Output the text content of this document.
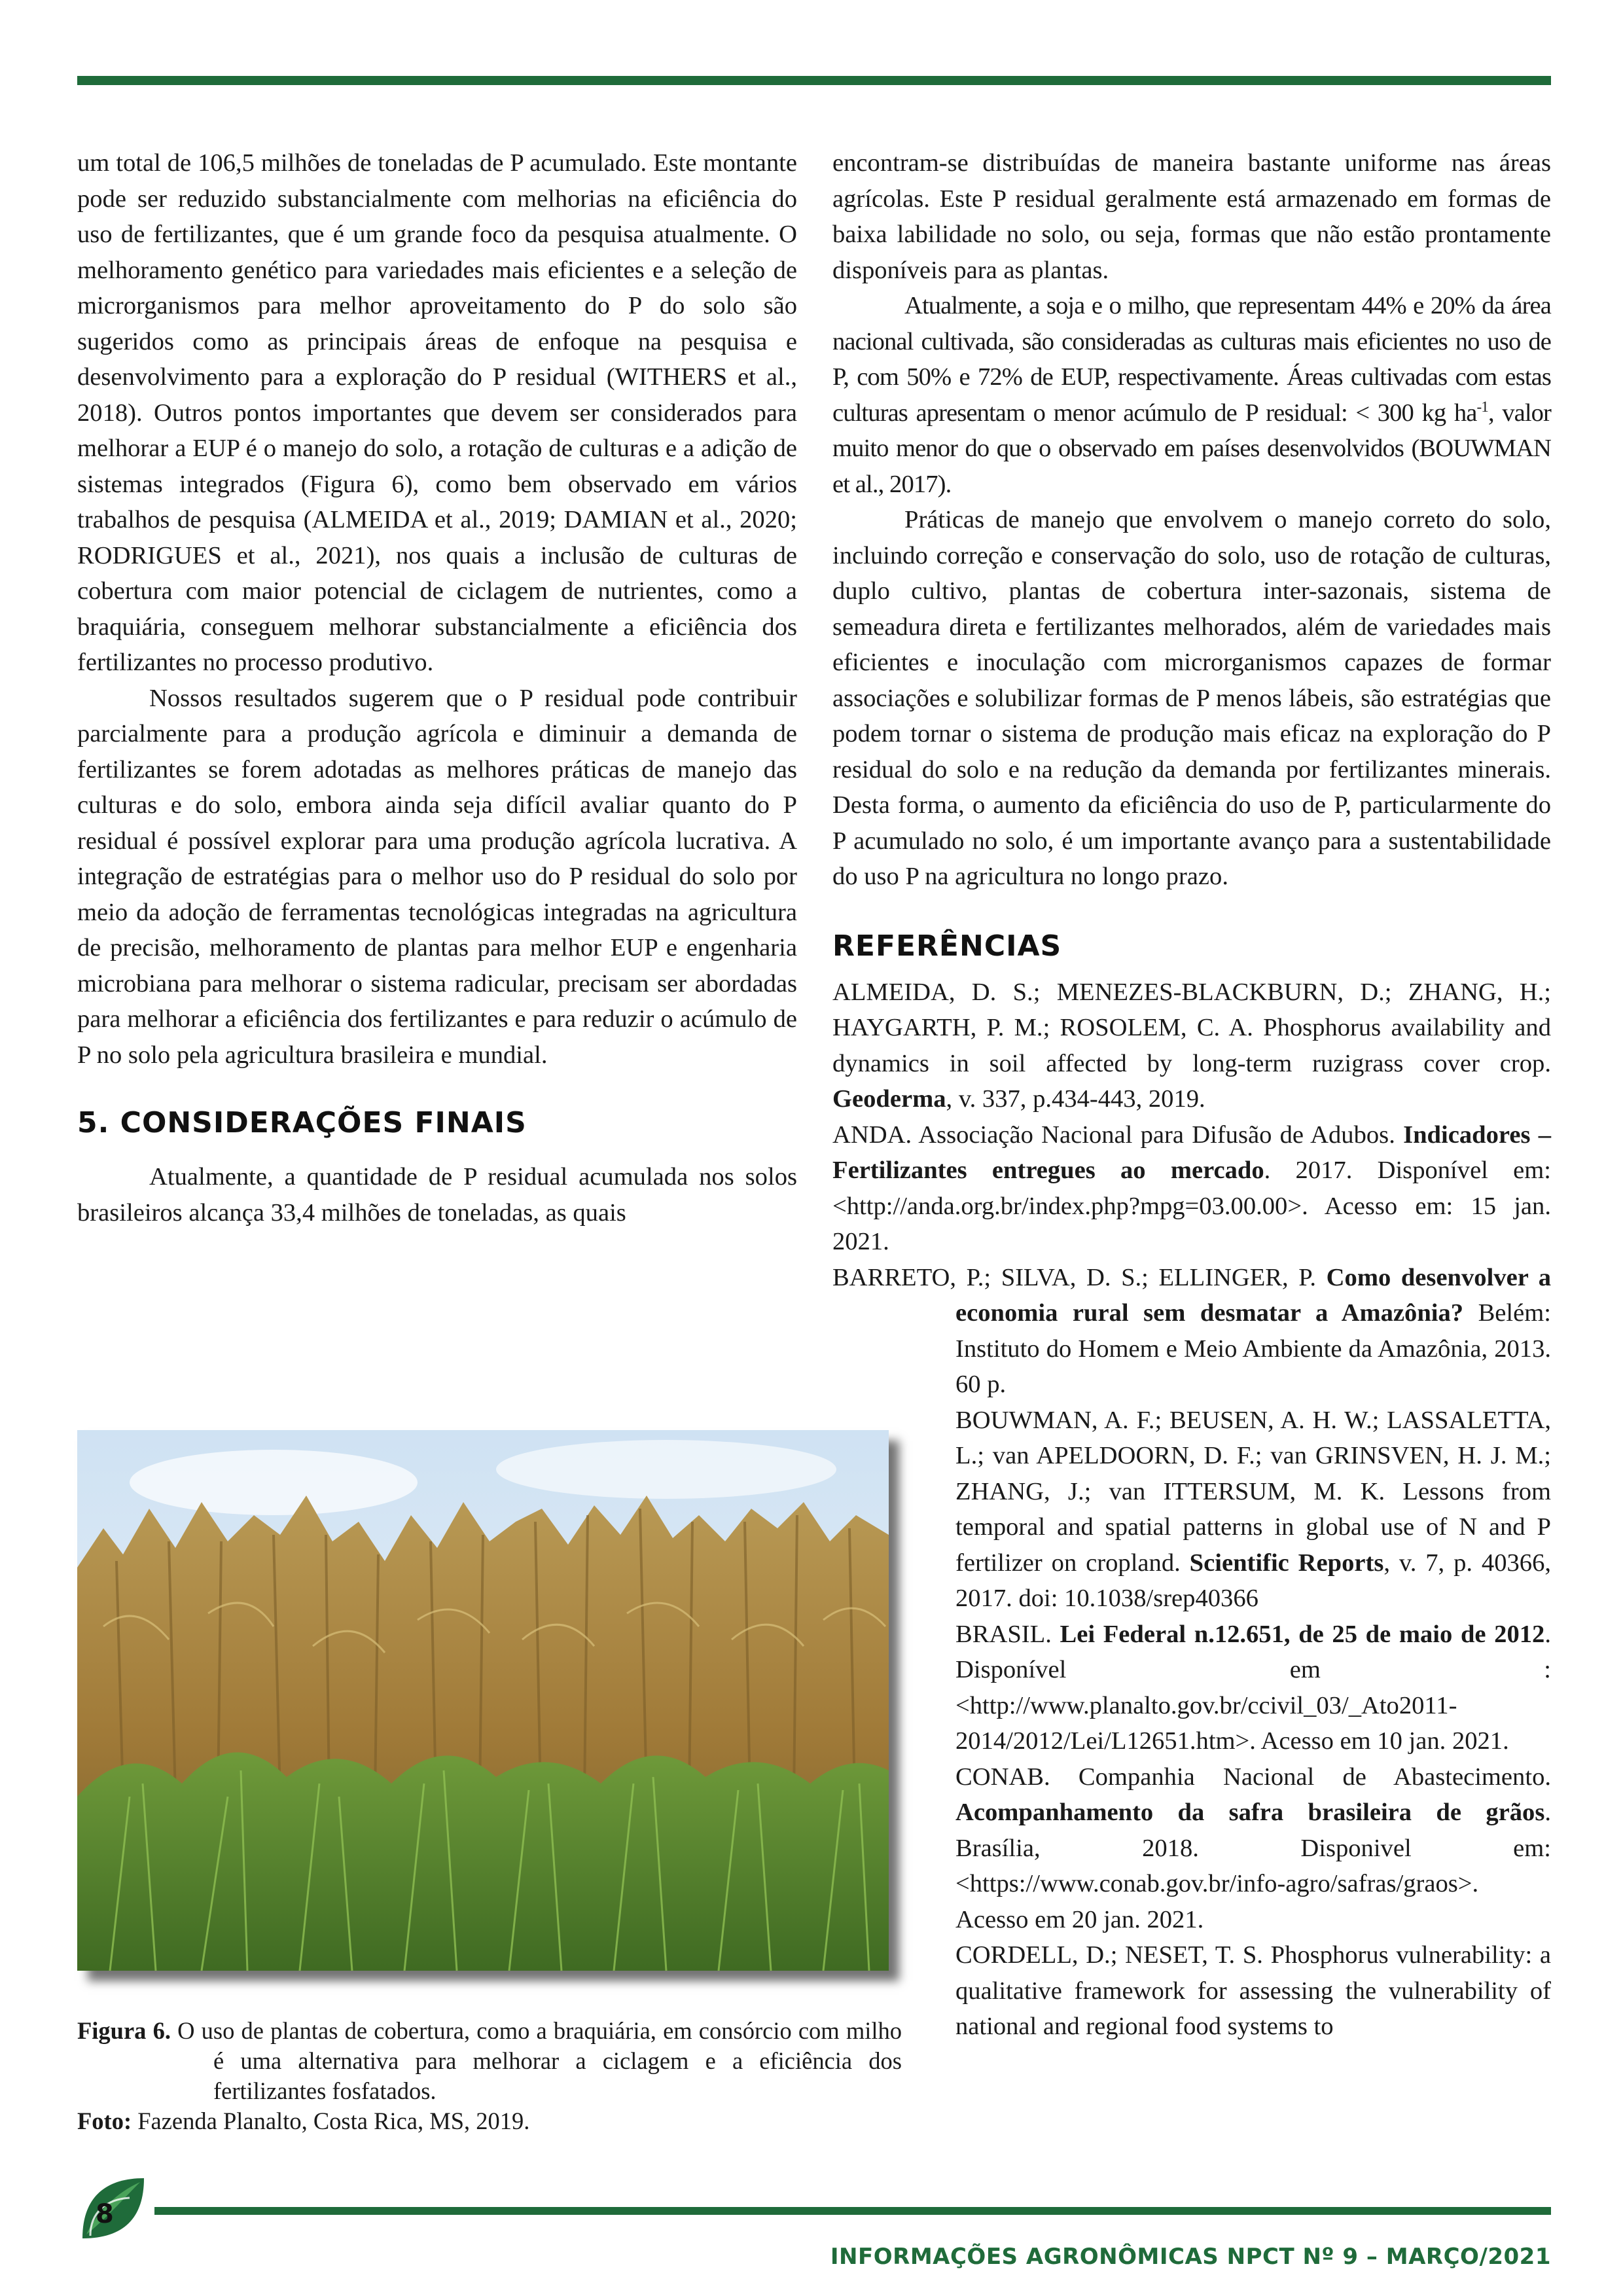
um total de 106,5 milhões de toneladas de P acumulado. Este montante pode ser reduzido substancialmente com melhorias na eficiência do uso de fertilizantes, que é um grande foco da pesquisa atualmente. O melhoramento genético para variedades mais eficientes e a seleção de microrganismos para melhor aproveitamento do P do solo são sugeridos como as principais áreas de enfoque na pesquisa e desenvolvimento para a exploração do P residual (WITHERS et al., 2018). Outros pontos importantes que devem ser considerados para melhorar a EUP é o manejo do solo, a rotação de culturas e a adição de sistemas integrados (Figura 6), como bem observado em vários trabalhos de pesquisa (ALMEIDA et al., 2019; DAMIAN et al., 2020; RODRIGUES et al., 2021), nos quais a inclusão de culturas de cobertura com maior potencial de ciclagem de nutrientes, como a braquiária, conseguem melhorar substancialmente a eficiência dos fertilizantes no processo produtivo.

Nossos resultados sugerem que o P residual pode contribuir parcialmente para a produção agrícola e diminuir a demanda de fertilizantes se forem adotadas as melhores práticas de manejo das culturas e do solo, embora ainda seja difícil avaliar quanto do P residual é possível explorar para uma produção agrícola lucrativa. A integração de estratégias para o melhor uso do P residual do solo por meio da adoção de ferramentas tecnológicas integradas na agricultura de precisão, melhoramento de plantas para melhor EUP e engenharia microbiana para melhorar o sistema radicular, precisam ser abordadas para melhorar a eficiência dos fertilizantes e para reduzir o acúmulo de P no solo pela agricultura brasileira e mundial.

5. CONSIDERAÇÕES FINAIS

Atualmente, a quantidade de P residual acumulada nos solos brasileiros alcança 33,4 milhões de toneladas, as quais

Figura 6. O uso de plantas de cobertura, como a braquiária, em consórcio com milho é uma alternativa para melhorar a ciclagem e a eficiência dos fertilizantes fosfatados.
Foto: Fazenda Planalto, Costa Rica, MS, 2019.

encontram-se distribuídas de maneira bastante uniforme nas áreas agrícolas. Este P residual geralmente está armazenado em formas de baixa labilidade no solo, ou seja, formas que não estão prontamente disponíveis para as plantas.

Atualmente, a soja e o milho, que representam 44% e 20% da área nacional cultivada, são consideradas as culturas mais eficientes no uso de P, com 50% e 72% de EUP, respectivamente. Áreas cultivadas com estas culturas apresentam o menor acúmulo de P residual: < 300 kg $ha^{-1}$, valor muito menor do que o observado em países desenvolvidos (BOUWMAN et al., 2017).

Práticas de manejo que envolvem o manejo correto do solo, incluindo correção e conservação do solo, uso de rotação de culturas, duplo cultivo, plantas de cobertura inter-sazonais, sistema de semeadura direta e fertilizantes melhorados, além de variedades mais eficientes e inoculação com microrganismos capazes de formar associações e solubilizar formas de P menos lábeis, são estratégias que podem tornar o sistema de produção mais eficaz na exploração do P residual do solo e na redução da demanda por fertilizantes minerais. Desta forma, o aumento da eficiência do uso de P, particularmente do P acumulado no solo, é um importante avanço para a sustentabilidade do uso P na agricultura no longo prazo.

REFERÊNCIAS

ALMEIDA, D. S.; MENEZES-BLACKBURN, D.; ZHANG, H.; HAYGARTH, P. M.; ROSOLEM, C. A. Phosphorus availability and dynamics in soil affected by long-term ruzigrass cover crop. Geoderma, v. 337, p.434-443, 2019.

ANDA. Associação Nacional para Difusão de Adubos. Indicadores – Fertilizantes entregues ao mercado. 2017. Disponível em: <http://anda.org.br/index.php?mpg=03.00.00>. Acesso em: 15 jan. 2021.

BARRETO, P.; SILVA, D. S.; ELLINGER, P. Como desenvolver a economia rural sem desmatar a Amazônia? Belém: Instituto do Homem e Meio Ambiente da Amazônia, 2013. 60 p.

BOUWMAN, A. F.; BEUSEN, A. H. W.; LASSALETTA, L.; van APELDOORN, D. F.; van GRINSVEN, H. J. M.; ZHANG, J.; van ITTERSUM, M. K. Lessons from temporal and spatial patterns in global use of N and P fertilizer on cropland. Scientific Reports, v. 7, p. 40366, 2017. doi: 10.1038/srep40366

BRASIL. Lei Federal n.12.651, de 25 de maio de 2012. Disponível em : <http://www.planalto.gov.br/ccivil_03/_Ato2011-2014/2012/Lei/L12651.htm>. Acesso em 10 jan. 2021.

CONAB. Companhia Nacional de Abastecimento. Acompanhamento da safra brasileira de grãos. Brasília, 2018. Disponivel em: <https://www.conab.gov.br/info-agro/safras/graos>. Acesso em 20 jan. 2021.

CORDELL, D.; NESET, T. S. Phosphorus vulnerability: a qualitative framework for assessing the vulnerability of national and regional food systems to

8
INFORMAÇÕES AGRONÔMICAS NPCT Nº 9 – MARÇO/2021
